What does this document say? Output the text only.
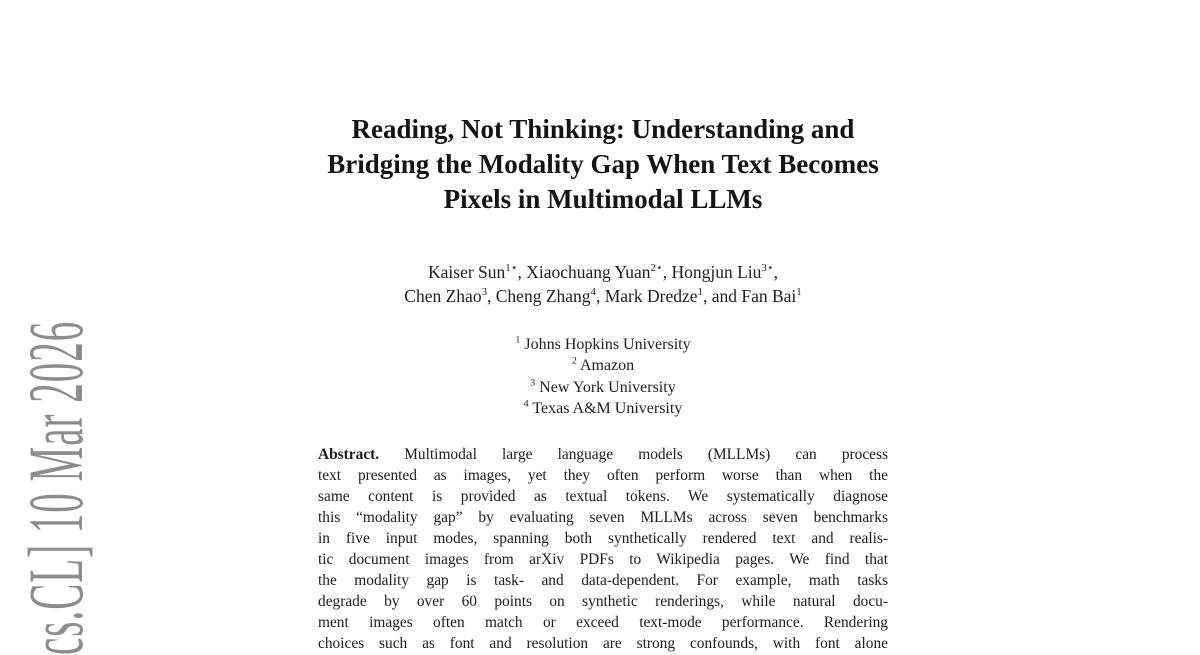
cs.CL] 10 Mar 2026
Reading, Not Thinking: Understanding and
Bridging the Modality Gap When Text Becomes
Pixels in Multimodal LLMs
Kaiser Sun$^{1⋆}$, Xiaochuang Yuan$^{2⋆}$, Hongjun Liu$^{3⋆}$,
Chen Zhao$^3$, Cheng Zhang$^4$, Mark Dredze$^1$, and Fan Bai$^1$
$^1$ Johns Hopkins University
$^2$ Amazon
$^3$ New York University
$^4$ Texas A&M University
Abstract. Multimodal large language models (MLLMs) can process
text presented as images, yet they often perform worse than when the
same content is provided as textual tokens. We systematically diagnose
this “modality gap” by evaluating seven MLLMs across seven benchmarks
in five input modes, spanning both synthetically rendered text and realis-
tic document images from arXiv PDFs to Wikipedia pages. We find that
the modality gap is task- and data-dependent. For example, math tasks
degrade by over 60 points on synthetic renderings, while natural docu-
ment images often match or exceed text-mode performance. Rendering
choices such as font and resolution are strong confounds, with font alone
